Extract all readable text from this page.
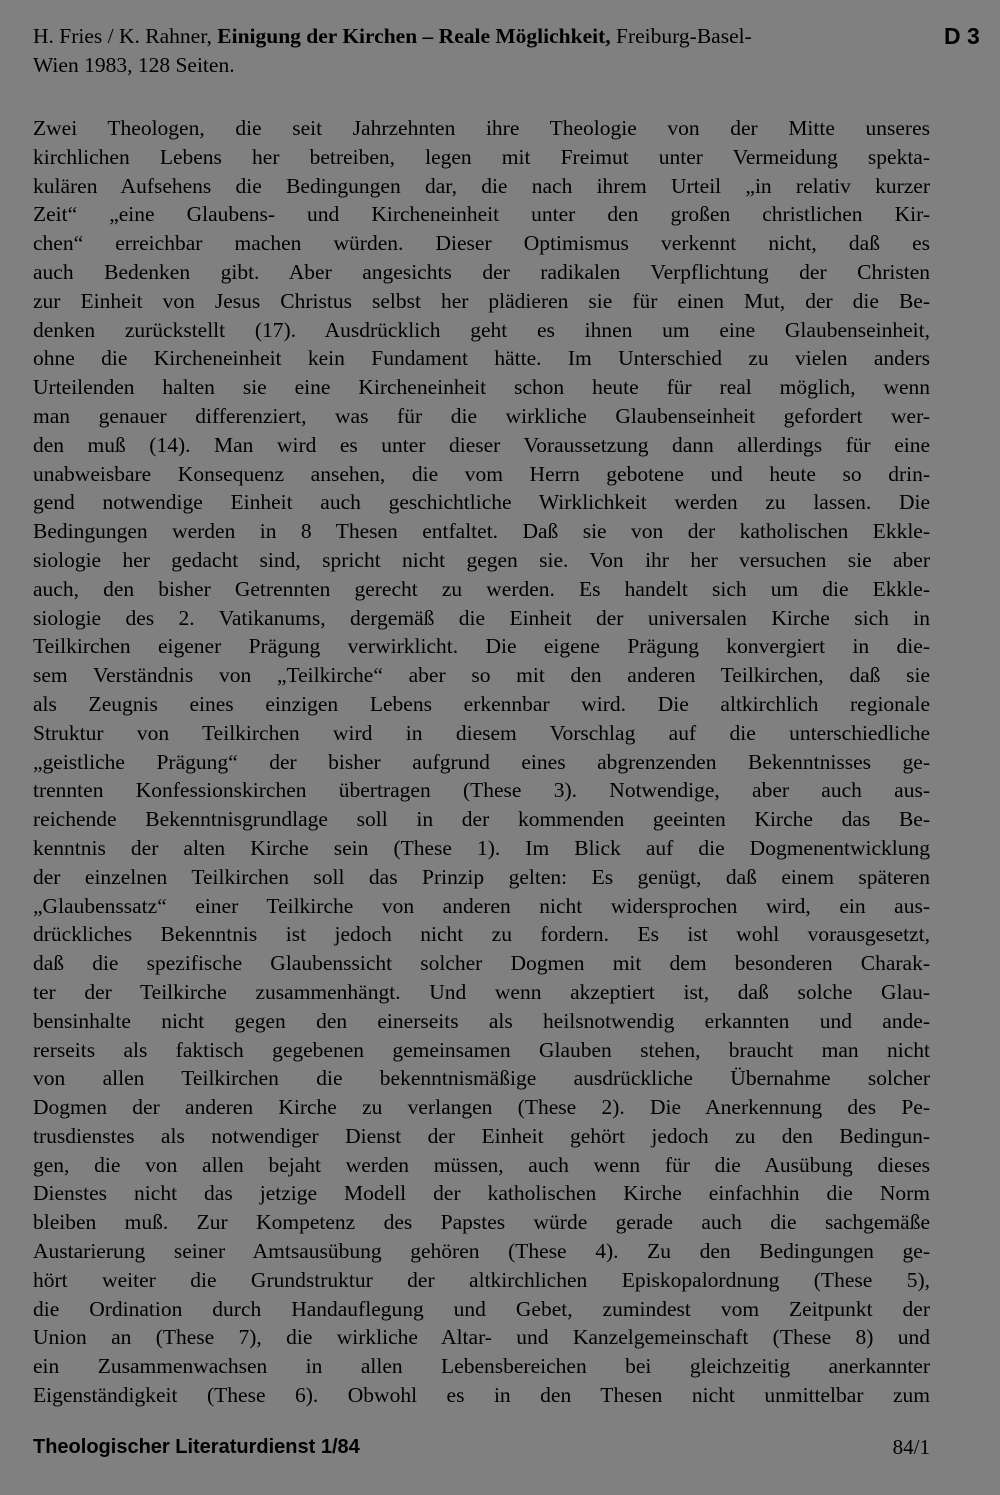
H. Fries / K. Rahner, Einigung der Kirchen – Reale Möglichkeit, Freiburg-Basel-
Wien 1983, 128 Seiten.
D 3
Zwei Theologen, die seit Jahrzehnten ihre Theologie von der Mitte unseres
kirchlichen Lebens her betreiben, legen mit Freimut unter Vermeidung spekta-
kulären Aufsehens die Bedingungen dar, die nach ihrem Urteil „in relativ kurzer
Zeit“ „eine Glaubens- und Kircheneinheit unter den großen christlichen Kir-
chen“ erreichbar machen würden. Dieser Optimismus verkennt nicht, daß es
auch Bedenken gibt. Aber angesichts der radikalen Verpflichtung der Christen
zur Einheit von Jesus Christus selbst her plädieren sie für einen Mut, der die Be-
denken zurückstellt (17). Ausdrücklich geht es ihnen um eine Glaubenseinheit,
ohne die Kircheneinheit kein Fundament hätte. Im Unterschied zu vielen anders
Urteilenden halten sie eine Kircheneinheit schon heute für real möglich, wenn
man genauer differenziert, was für die wirkliche Glaubenseinheit gefordert wer-
den muß (14). Man wird es unter dieser Voraussetzung dann allerdings für eine
unabweisbare Konsequenz ansehen, die vom Herrn gebotene und heute so drin-
gend notwendige Einheit auch geschichtliche Wirklichkeit werden zu lassen. Die
Bedingungen werden in 8 Thesen entfaltet. Daß sie von der katholischen Ekkle-
siologie her gedacht sind, spricht nicht gegen sie. Von ihr her versuchen sie aber
auch, den bisher Getrennten gerecht zu werden. Es handelt sich um die Ekkle-
siologie des 2. Vatikanums, dergemäß die Einheit der universalen Kirche sich in
Teilkirchen eigener Prägung verwirklicht. Die eigene Prägung konvergiert in die-
sem Verständnis von „Teilkirche“ aber so mit den anderen Teilkirchen, daß sie
als Zeugnis eines einzigen Lebens erkennbar wird. Die altkirchlich regionale
Struktur von Teilkirchen wird in diesem Vorschlag auf die unterschiedliche
„geistliche Prägung“ der bisher aufgrund eines abgrenzenden Bekenntnisses ge-
trennten Konfessionskirchen übertragen (These 3). Notwendige, aber auch aus-
reichende Bekenntnisgrundlage soll in der kommenden geeinten Kirche das Be-
kenntnis der alten Kirche sein (These 1). Im Blick auf die Dogmenentwicklung
der einzelnen Teilkirchen soll das Prinzip gelten: Es genügt, daß einem späteren
„Glaubenssatz“ einer Teilkirche von anderen nicht widersprochen wird, ein aus-
drückliches Bekenntnis ist jedoch nicht zu fordern. Es ist wohl vorausgesetzt,
daß die spezifische Glaubenssicht solcher Dogmen mit dem besonderen Charak-
ter der Teilkirche zusammenhängt. Und wenn akzeptiert ist, daß solche Glau-
bensinhalte nicht gegen den einerseits als heilsnotwendig erkannten und ande-
rerseits als faktisch gegebenen gemeinsamen Glauben stehen, braucht man nicht
von allen Teilkirchen die bekenntnismäßige ausdrückliche Übernahme solcher
Dogmen der anderen Kirche zu verlangen (These 2). Die Anerkennung des Pe-
trusdienstes als notwendiger Dienst der Einheit gehört jedoch zu den Bedingun-
gen, die von allen bejaht werden müssen, auch wenn für die Ausübung dieses
Dienstes nicht das jetzige Modell der katholischen Kirche einfachhin die Norm
bleiben muß. Zur Kompetenz des Papstes würde gerade auch die sachgemäße
Austarierung seiner Amtsausübung gehören (These 4). Zu den Bedingungen ge-
hört weiter die Grundstruktur der altkirchlichen Episkopalordnung (These 5),
die Ordination durch Handauflegung und Gebet, zumindest vom Zeitpunkt der
Union an (These 7), die wirkliche Altar- und Kanzelgemeinschaft (These 8) und
ein Zusammenwachsen in allen Lebensbereichen bei gleichzeitig anerkannter
Eigenständigkeit (These 6). Obwohl es in den Thesen nicht unmittelbar zum
Theologischer Literaturdienst 1/84	84/1
